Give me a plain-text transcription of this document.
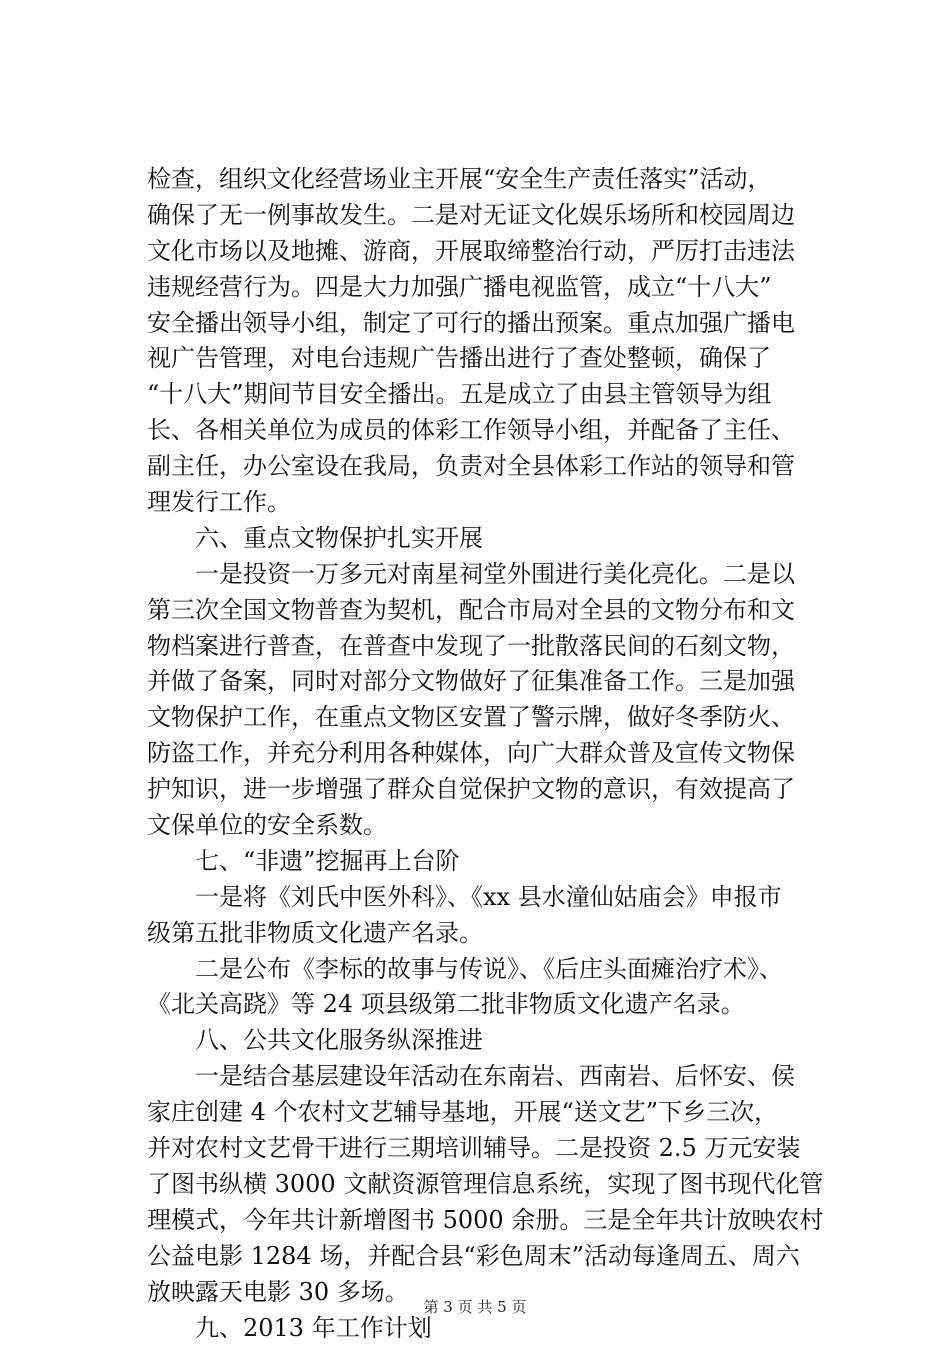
检查，组织文化经营场业主开展“安全生产责任落实”活动，
确保了无一例事故发生。二是对无证文化娱乐场所和校园周边
文化市场以及地摊、游商，开展取缔整治行动，严厉打击违法
违规经营行为。四是大力加强广播电视监管，成立“十八大”
安全播出领导小组，制定了可行的播出预案。重点加强广播电
视广告管理，对电台违规广告播出进行了查处整顿，确保了
“十八大”期间节目安全播出。五是成立了由县主管领导为组
长、各相关单位为成员的体彩工作领导小组，并配备了主任、
副主任，办公室设在我局，负责对全县体彩工作站的领导和管
理发行工作。
六、重点文物保护扎实开展
一是投资一万多元对南星祠堂外围进行美化亮化。二是以
第三次全国文物普查为契机，配合市局对全县的文物分布和文
物档案进行普查，在普查中发现了一批散落民间的石刻文物，
并做了备案，同时对部分文物做好了征集准备工作。三是加强
文物保护工作，在重点文物区安置了警示牌，做好冬季防火、
防盗工作，并充分利用各种媒体，向广大群众普及宣传文物保
护知识，进一步增强了群众自觉保护文物的意识，有效提高了
文保单位的安全系数。
七、“非遗”挖掘再上台阶
一是将《刘氏中医外科》、《xx 县水潼仙姑庙会》申报市
级第五批非物质文化遗产名录。
二是公布《李标的故事与传说》、《后庄头面瘫治疗术》、
《北关高跷》等 24 项县级第二批非物质文化遗产名录。
八、公共文化服务纵深推进
一是结合基层建设年活动在东南岩、西南岩、后怀安、侯
家庄创建 4 个农村文艺辅导基地，开展“送文艺”下乡三次，
并对农村文艺骨干进行三期培训辅导。二是投资 2.5 万元安装
了图书纵横 3000 文献资源管理信息系统，实现了图书现代化管
理模式，今年共计新增图书 5000 余册。三是全年共计放映农村
公益电影 1284 场，并配合县“彩色周末”活动每逢周五、周六
放映露天电影 30 多场。
九、2013 年工作计划
第 3 页 共 5 页
